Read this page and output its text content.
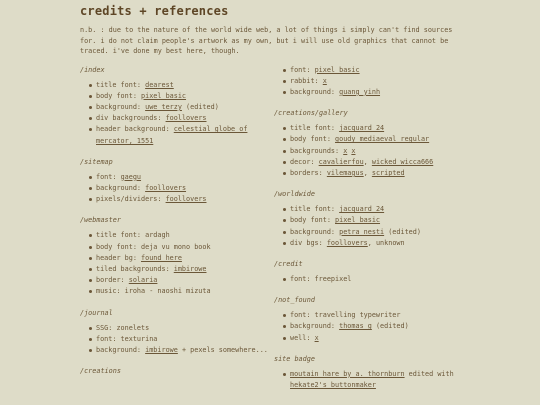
credits + references

n.b. : due to the nature of the world wide web, a lot of things i simply can't find sources for. i do not claim people's artwork as my own, but i will use old graphics that cannot be traced. i've done my best here, though.

/index
title font: dearest
body font: pixel basic
background: uwe terzy (edited)
div backgrounds: foollovers
header background: celestial globe of mercator, 1551
/sitemap
font: gaegu
background: foollovers
pixels/dividers: foollovers
/webmaster
title font: ardagh
body font: deja vu mono book
header bg: found here
tiled backgrounds: imbirowe
border: solaria
music: iroha - naoshi mizuta
/journal
SSG: zonelets
font: texturina
background: imbirowe + pexels somewhere...
/creations
font: pixel basic
rabbit: x
background: guang yinh
/creations/gallery
title font: jacquard 24
body font: goudy mediaeval regular
backgrounds: x x
decor: cavalierfou, wicked_wicca666
borders: vilemagus, scripted
/worldwide
title font: jacquard 24
body font: pixel basic
background: petra nesti (edited)
div bgs: foollovers, unknown
/credit
font: freepixel
/not_found
font: travelling typewriter
background: thomas g (edited)
well: x
site badge
moutain hare by a. thornburn edited with hekate2's buttonmaker
